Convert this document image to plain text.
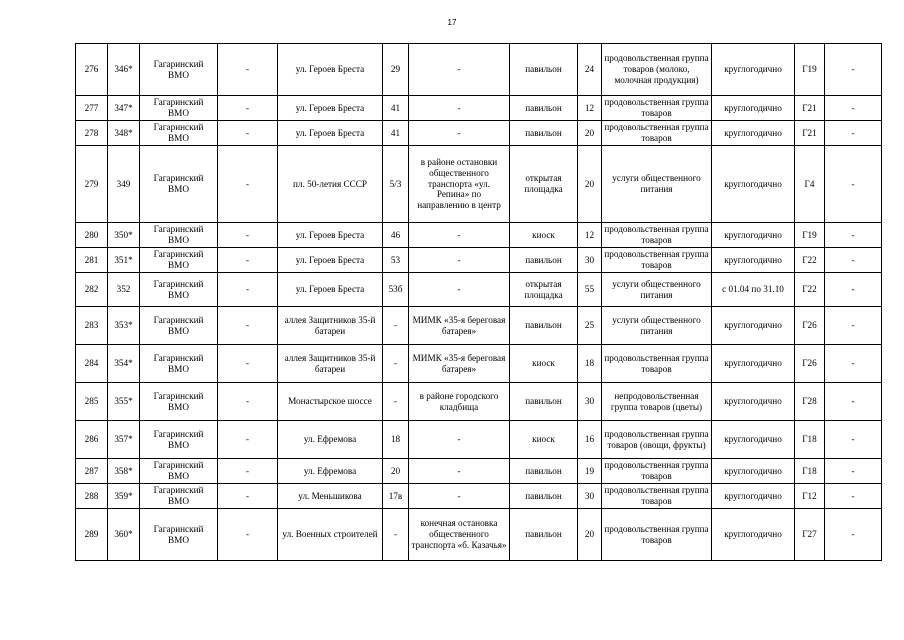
17
276	346*	Гагаринский ВМО	-	ул. Героев Бреста	29	-	павильон	24	продовольственная группа товаров (молоко, молочная продукция)	круглогодично	Г19	-
277	347*	Гагаринский ВМО	-	ул. Героев Бреста	41	-	павильон	12	продовольственная группа товаров	круглогодично	Г21	-
278	348*	Гагаринский ВМО	-	ул. Героев Бреста	41	-	павильон	20	продовольственная группа товаров	круглогодично	Г21	-
279	349	Гагаринский ВМО	-	пл. 50-летия СССР	5/3	в районе остановки общественного транспорта «ул. Репина» по направлению в центр	открытая площадка	20	услуги общественного питания	круглогодично	Г4	-
280	350*	Гагаринский ВМО	-	ул. Героев Бреста	46	-	киоск	12	продовольственная группа товаров	круглогодично	Г19	-
281	351*	Гагаринский ВМО	-	ул. Героев Бреста	53	-	павильон	30	продовольственная группа товаров	круглогодично	Г22	-
282	352	Гагаринский ВМО	-	ул. Героев Бреста	53б	-	открытая площадка	55	услуги общественного питания	с 01.04 по 31.10	Г22	-
283	353*	Гагаринский ВМО	-	аллея Защитников 35-й батареи	-	МИМК «35-я береговая батарея»	павильон	25	услуги общественного питания	круглогодично	Г26	-
284	354*	Гагаринский ВМО	-	аллея Защитников 35-й батареи	-	МИМК «35-я береговая батарея»	киоск	18	продовольственная группа товаров	круглогодично	Г26	-
285	355*	Гагаринский ВМО	-	Монастырское шоссе	-	в районе городского кладбища	павильон	30	непродовольственная группа товаров (цветы)	круглогодично	Г28	-
286	357*	Гагаринский ВМО	-	ул. Ефремова	18	-	киоск	16	продовольственная группа товаров (овощи, фрукты)	круглогодично	Г18	-
287	358*	Гагаринский ВМО	-	ул. Ефремова	20	-	павильон	19	продовольственная группа товаров	круглогодично	Г18	-
288	359*	Гагаринский ВМО	-	ул. Меньшикова	17в	-	павильон	30	продовольственная группа товаров	круглогодично	Г12	-
289	360*	Гагаринский ВМО	-	ул. Военных строителей	-	конечная остановка общественного транспорта «б. Казачья»	павильон	20	продовольственная группа товаров	круглогодично	Г27	-
